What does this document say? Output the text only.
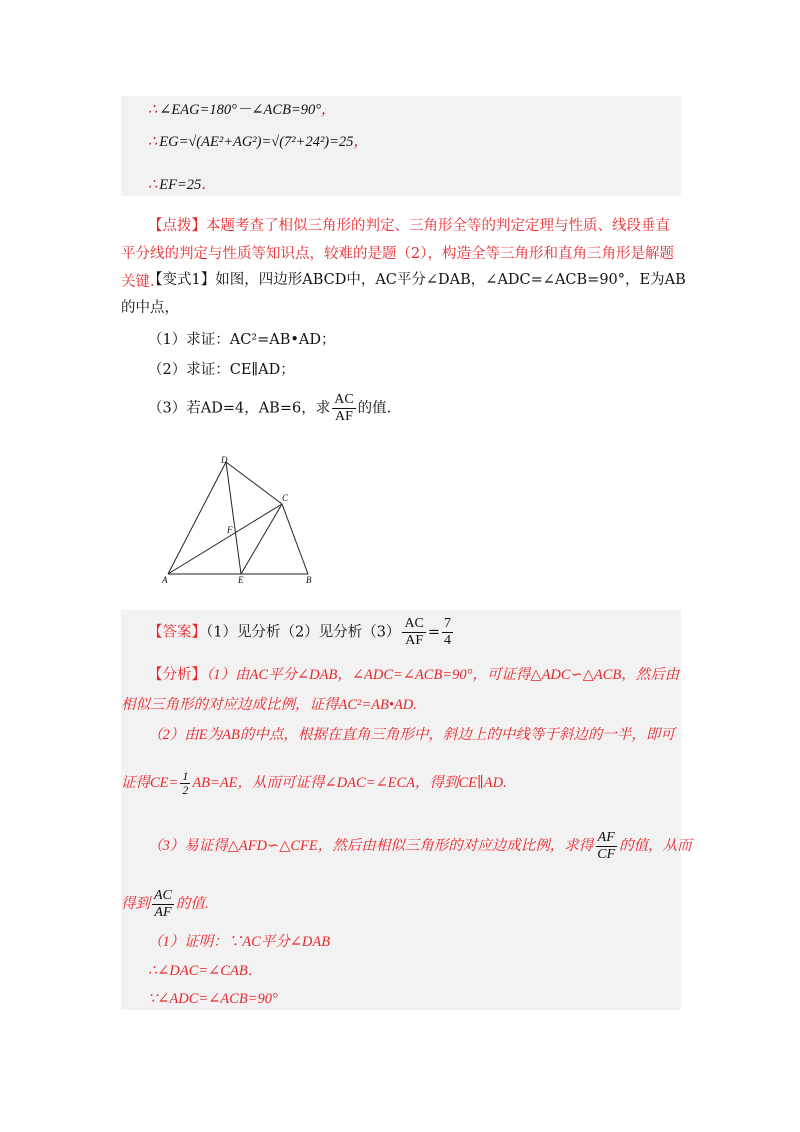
∴ ∠EAG=180°－∠ACB=90°，
∴ EG=√(AE²+AG²)=√(7²+24²)=25，
∴ EF=25．
【点拨】本题考查了相似三角形的判定、三角形全等的判定定理与性质、线段垂直平分线的判定与性质等知识点，较难的是题（2），构造全等三角形和直角三角形是解题关键.
【变式1】如图，四边形ABCD中，AC平分∠DAB，∠ADC=∠ACB=90°，E为AB
的中点，
（1）求证：AC²=AB•AD；
（2）求证：CE∥AD；
（3）若AD=4，AB=6，求 $\frac{AC}{AF}$ 的值.
D
C
F
A	E	B
【答案】（1）见分析（2）见分析$(3) \frac{AC}{AF} = \frac{7}{4}$
【分析】（1）由AC平分∠DAB，∠ADC=∠ACB=90°，可证得△ADC∽△ACB，然后由
相似三角形的对应边成比例，证得AC²=AB•AD.
（2）由E为AB的中点，根据在直角三角形中，斜边上的中线等于斜边的一半，即可
证得$CE= \frac{1}{2} AB=AE$，从而可证得∠DAC=∠ECA，得到CE∥AD.
（3）易证得△AFD∽△CFE，然后由相似三角形的对应边成比例，求得 $\frac{AF}{CF}$ 的值，从而
得到 $\frac{AC}{AF}$ 的值.
（1）证明：∵AC平分∠DAB
∴∠DAC=∠CAB．
∵∠ADC=∠ACB=90°
